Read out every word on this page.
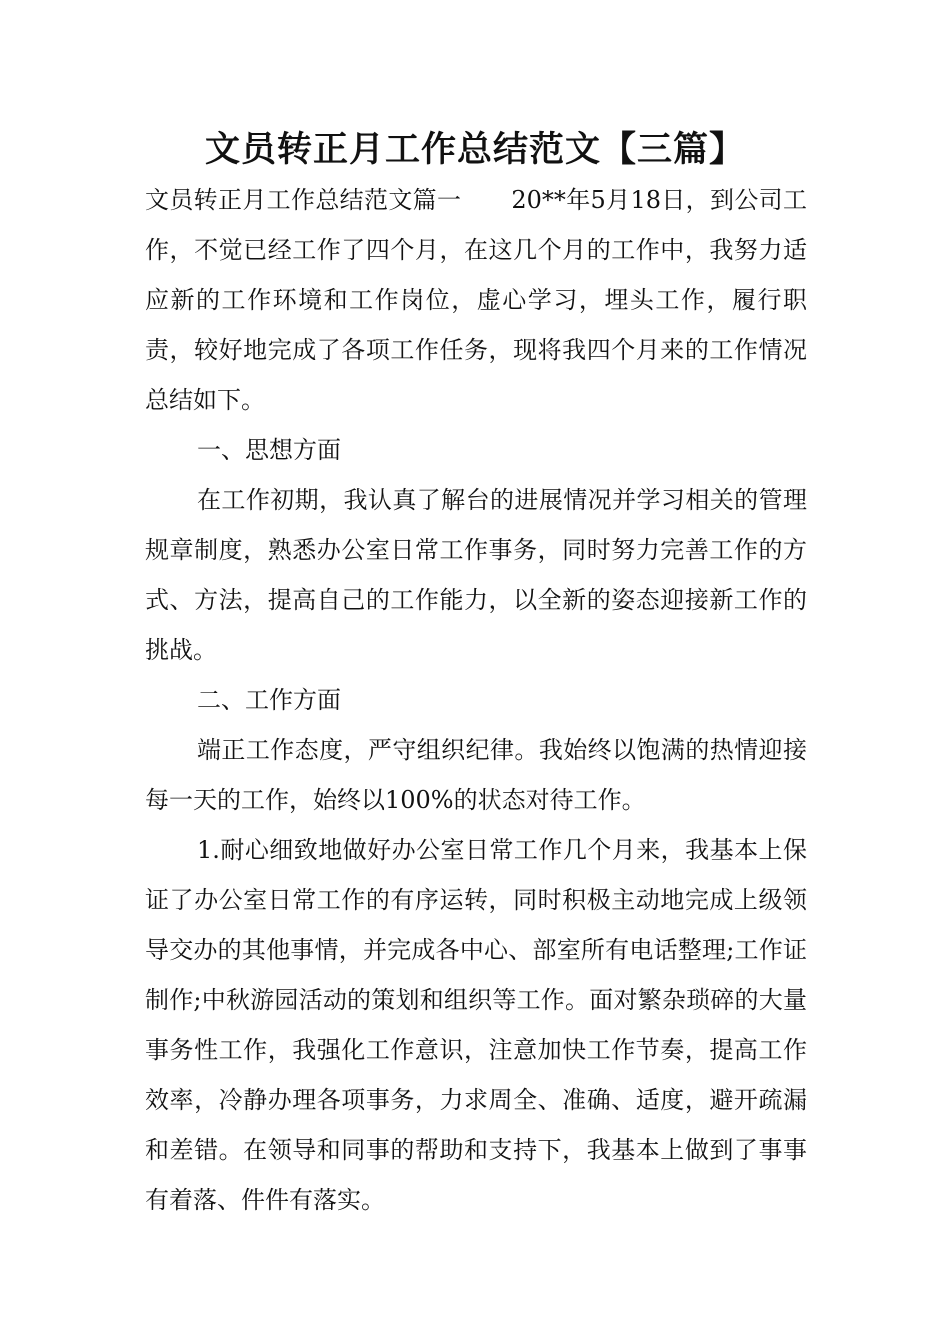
文员转正月工作总结范文【三篇】

文员转正月工作总结范文篇一 20**年5月18日，到公司工作，不觉已经工作了四个月，在这几个月的工作中，我努力适应新的工作环境和工作岗位，虚心学习，埋头工作，履行职责，较好地完成了各项工作任务，现将我四个月来的工作情况总结如下。

一、思想方面

在工作初期，我认真了解台的进展情况并学习相关的管理规章制度，熟悉办公室日常工作事务，同时努力完善工作的方式、方法，提高自己的工作能力，以全新的姿态迎接新工作的挑战。

二、工作方面

端正工作态度，严守组织纪律。我始终以饱满的热情迎接每一天的工作，始终以100%的状态对待工作。

1.耐心细致地做好办公室日常工作几个月来，我基本上保证了办公室日常工作的有序运转，同时积极主动地完成上级领导交办的其他事情，并完成各中心、部室所有电话整理;工作证制作;中秋游园活动的策划和组织等工作。面对繁杂琐碎的大量事务性工作，我强化工作意识，注意加快工作节奏，提高工作效率，冷静办理各项事务，力求周全、准确、适度，避开疏漏和差错。在领导和同事的帮助和支持下，我基本上做到了事事有着落、件件有落实。
